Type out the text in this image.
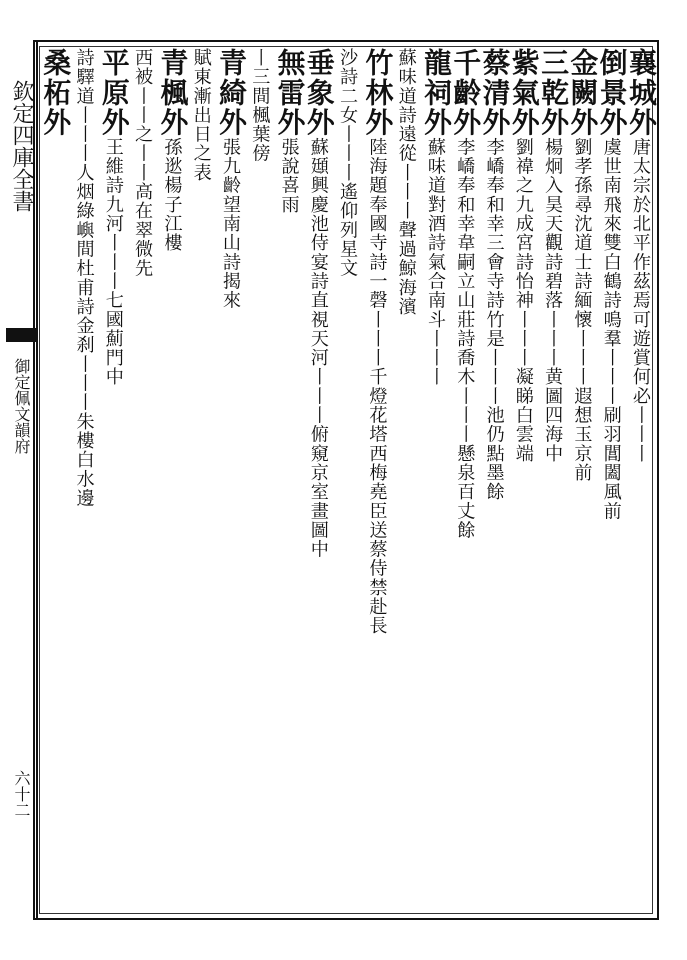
欽定四庫全書
御定佩文韻府
六十二
襄城外唐太宗於北平作茲焉可遊賞何必丨丨丨
倒景外虞世南飛來雙白鶴詩鳴羣丨丨丨刷羽閶闔風前
金闕外劉孝孫尋沈道士詩緬懷丨丨丨遐想玉京前
三乾外楊炯入昊天觀詩碧落丨丨丨黄圖四海中
紫氣外劉禕之九成宮詩怡神丨丨丨凝睇白雲端
蔡清外李嶠奉和幸三會寺詩竹是丨丨丨池仍點墨餘
千齡外李嶠奉和幸韋嗣立山莊詩喬木丨丨丨懸泉百丈餘
龍祠外蘇味道對酒詩氣合南斗丨丨丨
蘇味道詩遠從丨丨丨聲過鯨海濱
竹林外陸海題奉國寺詩一磬丨丨丨千燈花塔西梅堯臣送蔡侍禁赴長
沙詩二女丨丨丨遙仰列星文
垂象外蘇頲興慶池侍宴詩直視天河丨丨丨俯窺京室畫圖中
無雷外張說喜雨
丨三間楓葉傍
青綺外張九齡望南山詩揭來
賦東漸出日之表
青楓外孫逖楊子江樓
西被丨丨之丨丨高在翠微先
平原外王維詩九河丨丨丨七國薊門中
詩驛道丨丨丨人烟綠嶼間杜甫詩金刹丨丨丨朱樓白水邊
桑柘外
